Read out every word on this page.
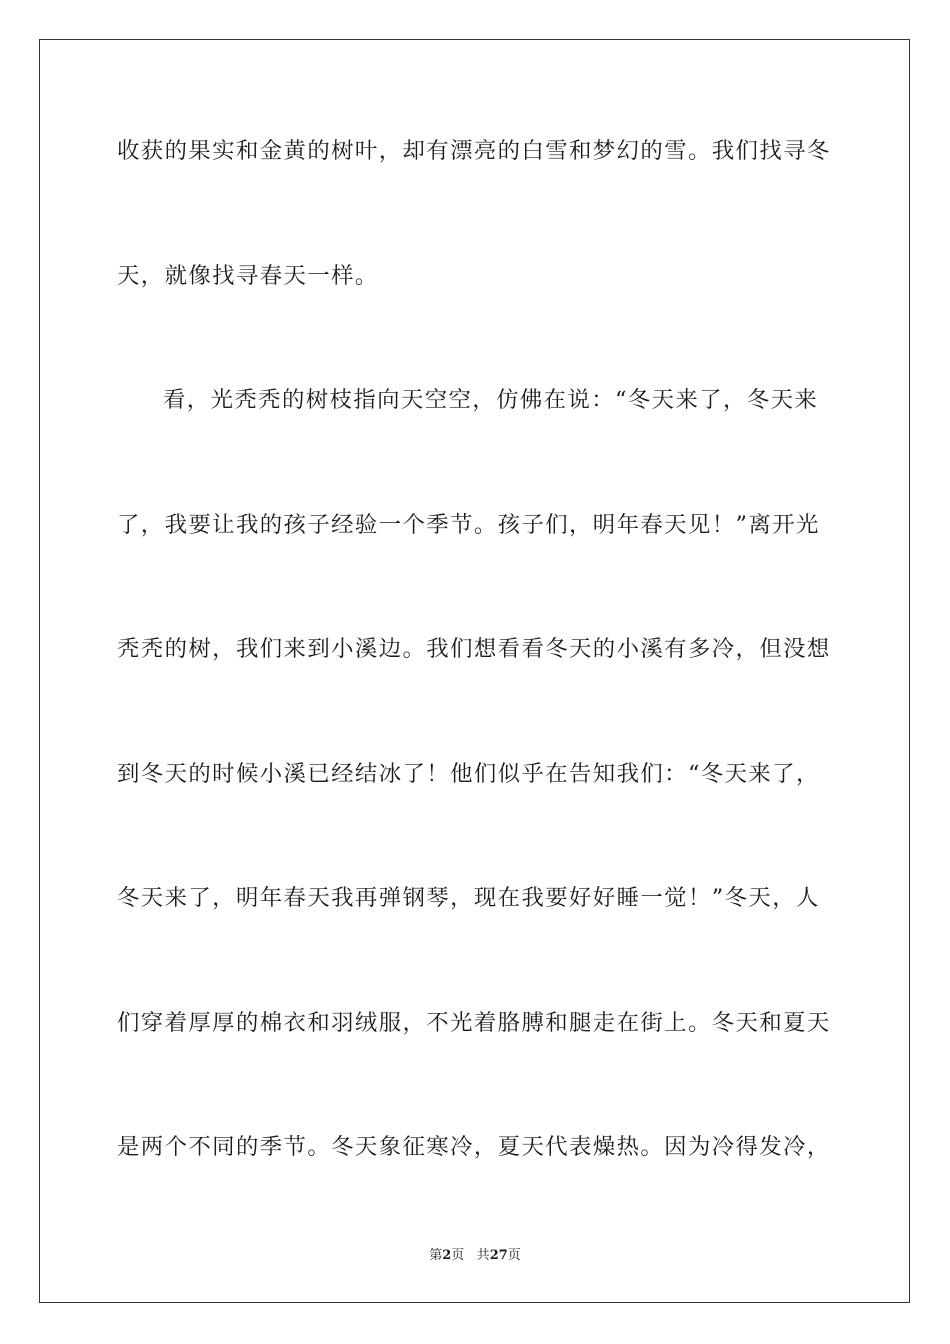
收获的果实和金黄的树叶，却有漂亮的白雪和梦幻的雪。我们找寻冬
天，就像找寻春天一样。
看，光秃秃的树枝指向天空空，仿佛在说：“冬天来了，冬天来
了，我要让我的孩子经验一个季节。孩子们，明年春天见！”离开光
秃秃的树，我们来到小溪边。我们想看看冬天的小溪有多冷，但没想
到冬天的时候小溪已经结冰了！他们似乎在告知我们：“冬天来了，
冬天来了，明年春天我再弹钢琴，现在我要好好睡一觉！”冬天，人
们穿着厚厚的棉衣和羽绒服，不光着胳膊和腿走在街上。冬天和夏天
是两个不同的季节。冬天象征寒冷，夏天代表燥热。因为冷得发冷，
第2页 共27页
